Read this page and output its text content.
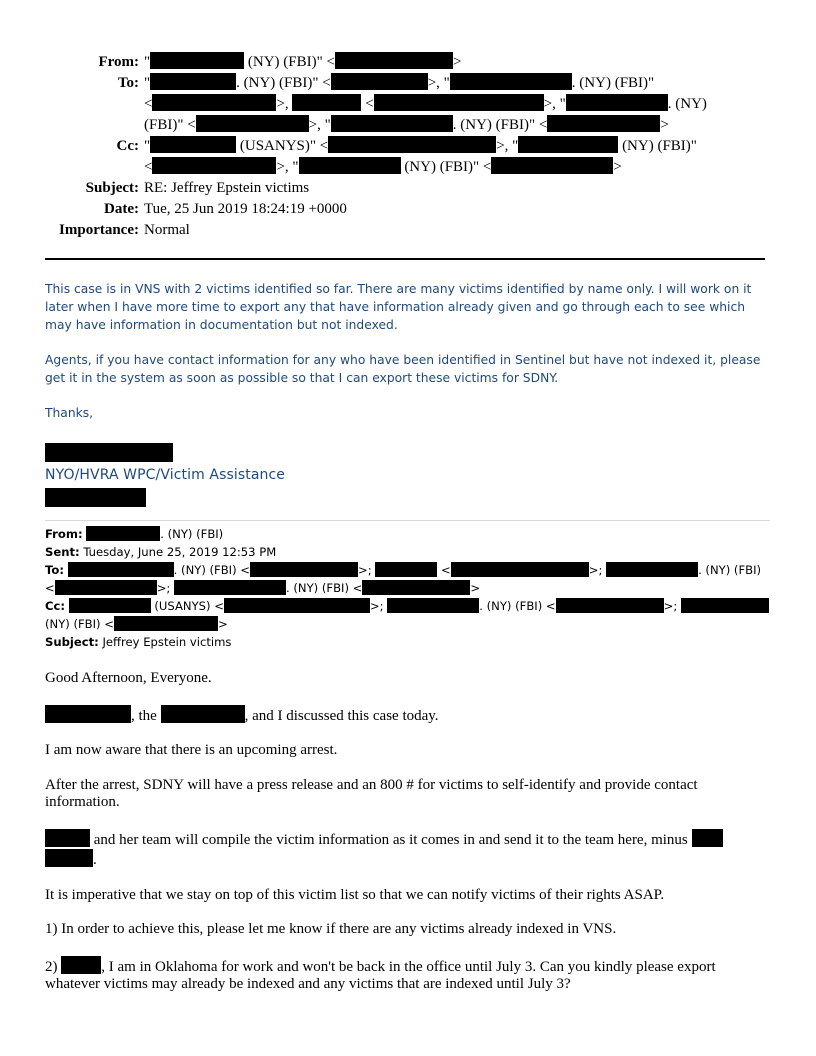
From: "	(NY) (FBI)" <	>
To: "	. (NY) (FBI)" <	>, "	. (NY) (FBI)"
<	>,	<	>, "	. (NY)
(FBI)" <	>, "	. (NY) (FBI)" <	>
Cc: "	(USANYS)" <	>, "	(NY) (FBI)"
<	>, "	(NY) (FBI)" <	>
Subject: RE: Jeffrey Epstein victims
Date: Tue, 25 Jun 2019 18:24:19 +0000
Importance: Normal

This case is in VNS with 2 victims identified so far. There are many victims identified by name only. I will work on it later when I have more time to export any that have information already given and go through each to see which may have information in documentation but not indexed.

Agents, if you have contact information for any who have been identified in Sentinel but have not indexed it, please get it in the system as soon as possible so that I can export these victims for SDNY.

Thanks,

NYO/HVRA WPC/Victim Assistance
From:	. (NY) (FBI)
Sent: Tuesday, June 25, 2019 12:53 PM
To:	. (NY) (FBI) <	>;	<	>;	. (NY) (FBI)
<	>;	. (NY) (FBI) <	>
Cc:	(USANYS) <	>;	. (NY) (FBI) <	>;
(NY) (FBI) <	>
Subject: Jeffrey Epstein victims

Good Afternoon, Everyone.

, the	, and I discussed this case today.

I am now aware that there is an upcoming arrest.

After the arrest, SDNY will have a press release and an 800 # for victims to self-identify and provide contact information.

and her team will compile the victim information as it comes in and send it to the team here, minus
.

It is imperative that we stay on top of this victim list so that we can notify victims of their rights ASAP.

1) In order to achieve this, please let me know if there are any victims already indexed in VNS.

2)	, I am in Oklahoma for work and won't be back in the office until July 3. Can you kindly please export whatever victims may already be indexed and any victims that are indexed until July 3?
